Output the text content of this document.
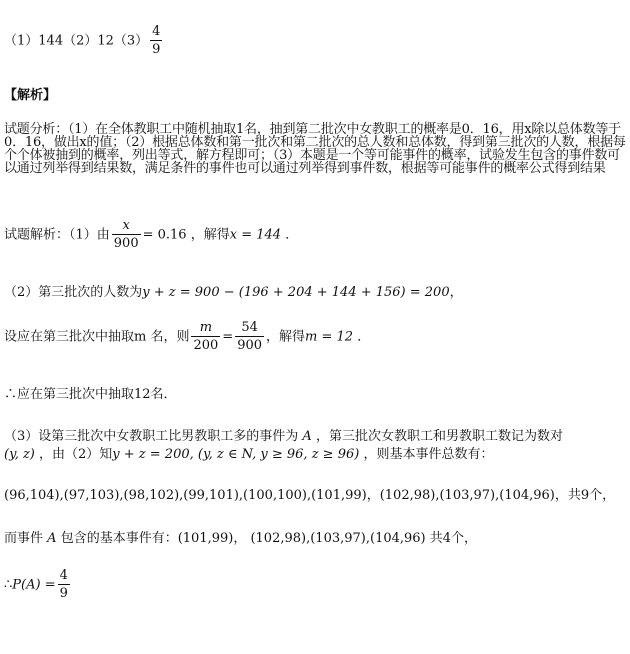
$(1)144(2)12(3) \frac{4}{9}$
【解析】
试题分析：（1）在全体教职工中随机抽取1名，抽到第二批次中女教职工的概率是0．16，用x除以总体数等于0．16，做出x的值；（2）根据总体数和第一批次和第二批次的总人数和总体数，得到第三批次的人数，根据每个个体被抽到的概率，列出等式，解方程即可；（3）本题是一个等可能事件的概率，试验发生包含的事件数可以通过列举得到结果数，满足条件的事件也可以通过列举得到事件数，根据等可能事件的概率公式得到结果
试题解析：（1）由 $\frac{x}{900} = 0.16$ ，解得x = 144 ．
（2）第三批次的人数为y + z = 900 − (196 + 204 + 144 + 156) = 200，
设应在第三批次中抽取m 名，则 $\frac{m}{200} = \frac{54}{900}$ ，解得m = 12 ．
∴应在第三批次中抽取12名．
（3）设第三批次中女教职工比男教职工多的事件为 A ，第三批次女教职工和男教职工数记为数对
(y, z) ，由（2）知y + z = 200, (y, z ∈ N, y ≥ 96, z ≥ 96) ，则基本事件总数有：
(96,104),(97,103),(98,102),(99,101),(100,100),(101,99)，(102,98),(103,97),(104,96)，共9个，
而事件 A 包含的基本事件有：(101,99)， (102,98),(103,97),(104,96) 共4个，
∴P(A) = $\frac{4}{9}$
